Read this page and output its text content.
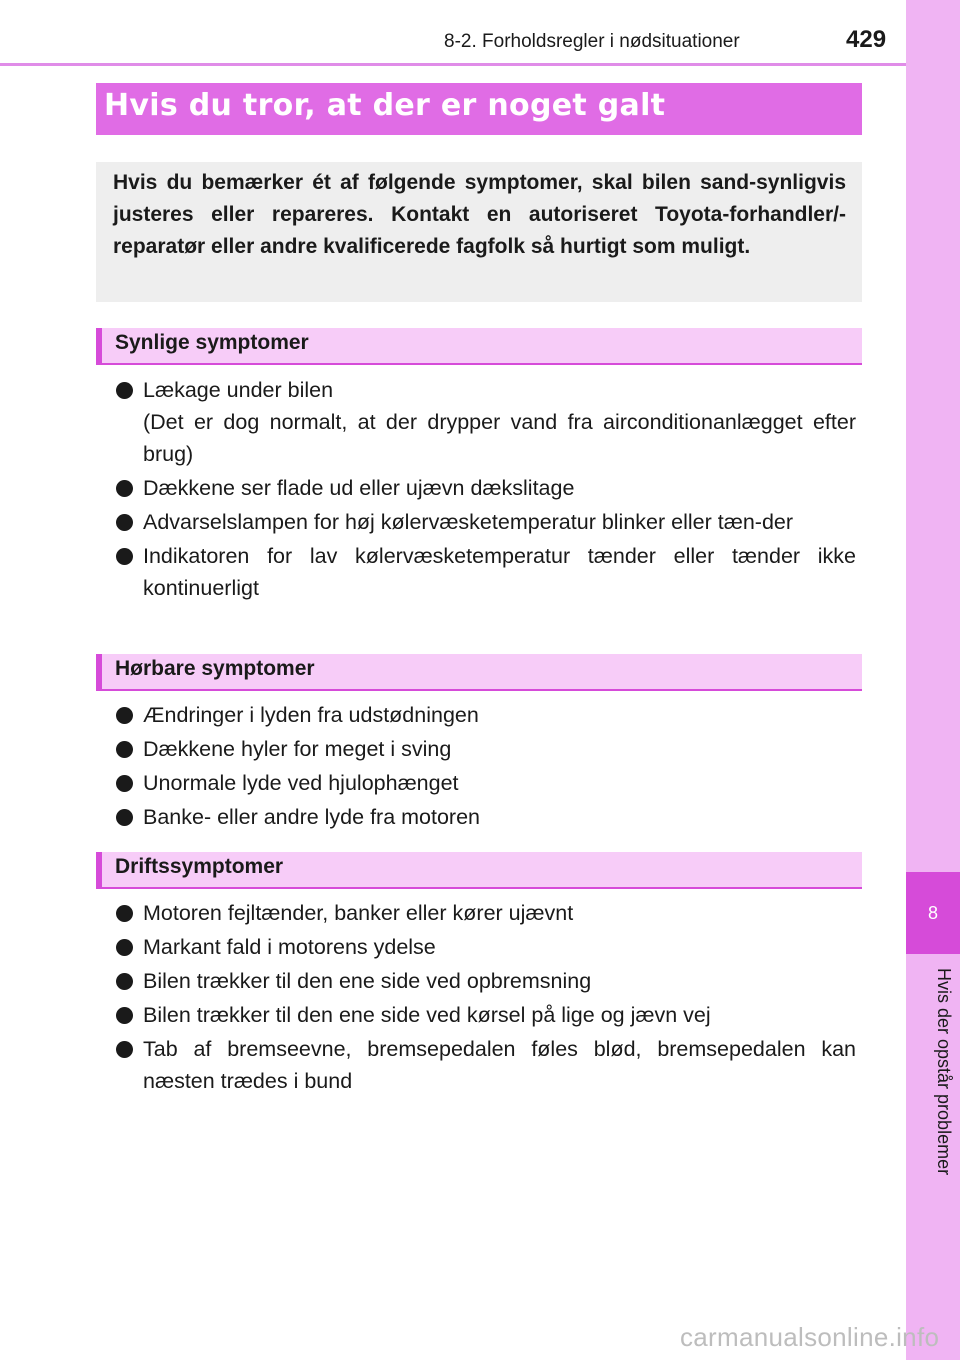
8
Hvis der opstår problemer
8-2. Forholdsregler i nødsituationer	429
Hvis du tror, at der er noget galt
Hvis du bemærker ét af følgende symptomer, skal bilen sand-synligvis justeres eller repareres. Kontakt en autoriseret Toyota-forhandler/-reparatør eller andre kvalificerede fagfolk så hurtigt som muligt.
Synlige symptomer
Lækage under bilen
(Det er dog normalt, at der drypper vand fra airconditionanlægget efter brug)
Dækkene ser flade ud eller ujævn dækslitage
Advarselslampen for høj kølervæsketemperatur blinker eller tæn-der
Indikatoren for lav kølervæsketemperatur tænder eller tænder ikke kontinuerligt
Hørbare symptomer
Ændringer i lyden fra udstødningen
Dækkene hyler for meget i sving
Unormale lyde ved hjulophænget
Banke- eller andre lyde fra motoren
Driftssymptomer
Motoren fejltænder, banker eller kører ujævnt
Markant fald i motorens ydelse
Bilen trækker til den ene side ved opbremsning
Bilen trækker til den ene side ved kørsel på lige og jævn vej
Tab af bremseevne, bremsepedalen føles blød, bremsepedalen kan næsten trædes i bund
carmanualsonline.info
